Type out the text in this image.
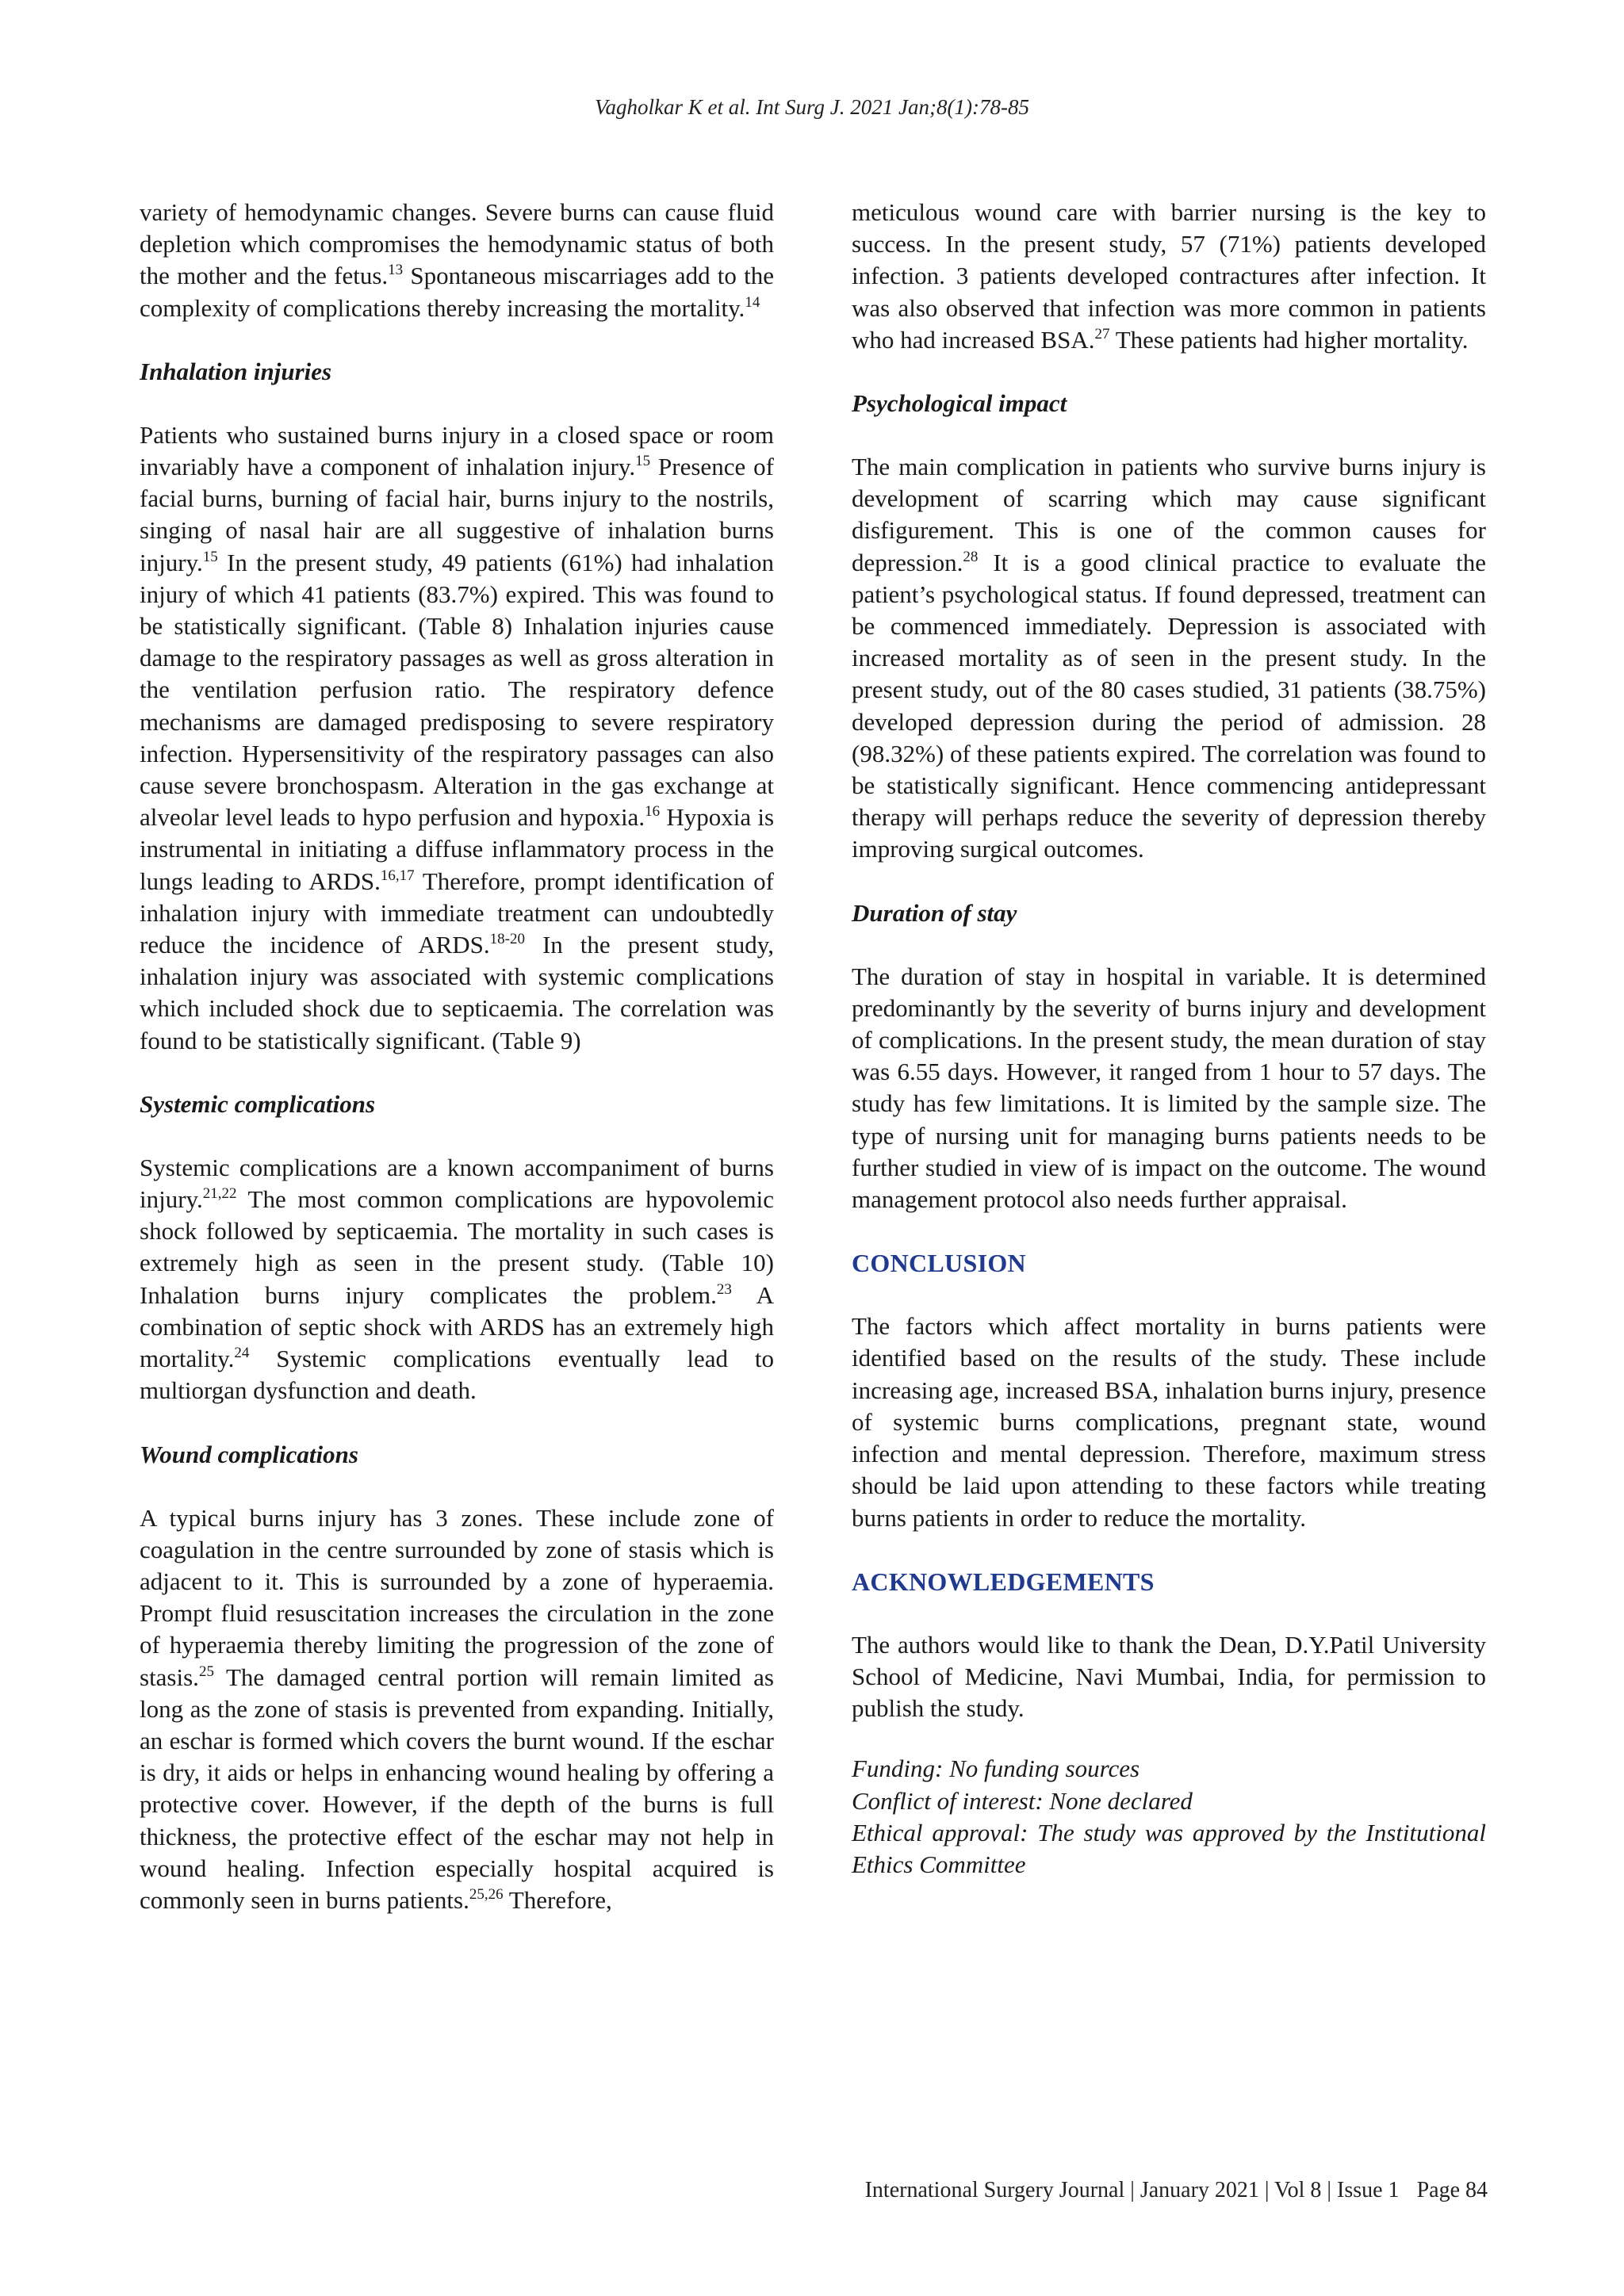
Vagholkar K et al. Int Surg J. 2021 Jan;8(1):78-85

variety of hemodynamic changes. Severe burns can cause fluid depletion which compromises the hemodynamic status of both the mother and the fetus.$^{13}$ Spontaneous miscarriages add to the complexity of complications thereby increasing the mortality.$^{14}$

Inhalation injuries

Patients who sustained burns injury in a closed space or room invariably have a component of inhalation injury.$^{15}$ Presence of facial burns, burning of facial hair, burns injury to the nostrils, singing of nasal hair are all suggestive of inhalation burns injury.$^{15}$ In the present study, 49 patients (61%) had inhalation injury of which 41 patients (83.7%) expired. This was found to be statistically significant. (Table 8) Inhalation injuries cause damage to the respiratory passages as well as gross alteration in the ventilation perfusion ratio. The respiratory defence mechanisms are damaged predisposing to severe respiratory infection. Hypersensitivity of the respiratory passages can also cause severe bronchospasm. Alteration in the gas exchange at alveolar level leads to hypo perfusion and hypoxia.$^{16}$ Hypoxia is instrumental in initiating a diffuse inflammatory process in the lungs leading to ARDS.$^{16,17}$ Therefore, prompt identification of inhalation injury with immediate treatment can undoubtedly reduce the incidence of ARDS.$^{18-20}$ In the present study, inhalation injury was associated with systemic complications which included shock due to septicaemia. The correlation was found to be statistically significant. (Table 9)

Systemic complications

Systemic complications are a known accompaniment of burns injury.$^{21,22}$ The most common complications are hypovolemic shock followed by septicaemia. The mortality in such cases is extremely high as seen in the present study. (Table 10) Inhalation burns injury complicates the problem.$^{23}$ A combination of septic shock with ARDS has an extremely high mortality.$^{24}$ Systemic complications eventually lead to multiorgan dysfunction and death.

Wound complications

A typical burns injury has 3 zones. These include zone of coagulation in the centre surrounded by zone of stasis which is adjacent to it. This is surrounded by a zone of hyperaemia. Prompt fluid resuscitation increases the circulation in the zone of hyperaemia thereby limiting the progression of the zone of stasis.$^{25}$ The damaged central portion will remain limited as long as the zone of stasis is prevented from expanding. Initially, an eschar is formed which covers the burnt wound. If the eschar is dry, it aids or helps in enhancing wound healing by offering a protective cover. However, if the depth of the burns is full thickness, the protective effect of the eschar may not help in wound healing. Infection especially hospital acquired is commonly seen in burns patients.$^{25,26}$ Therefore,

meticulous wound care with barrier nursing is the key to success. In the present study, 57 (71%) patients developed infection. 3 patients developed contractures after infection. It was also observed that infection was more common in patients who had increased BSA.$^{27}$ These patients had higher mortality.

Psychological impact

The main complication in patients who survive burns injury is development of scarring which may cause significant disfigurement. This is one of the common causes for depression.$^{28}$ It is a good clinical practice to evaluate the patient’s psychological status. If found depressed, treatment can be commenced immediately. Depression is associated with increased mortality as of seen in the present study. In the present study, out of the 80 cases studied, 31 patients (38.75%) developed depression during the period of admission. 28 (98.32%) of these patients expired. The correlation was found to be statistically significant. Hence commencing antidepressant therapy will perhaps reduce the severity of depression thereby improving surgical outcomes.

Duration of stay

The duration of stay in hospital in variable. It is determined predominantly by the severity of burns injury and development of complications. In the present study, the mean duration of stay was 6.55 days. However, it ranged from 1 hour to 57 days. The study has few limitations. It is limited by the sample size. The type of nursing unit for managing burns patients needs to be further studied in view of is impact on the outcome. The wound management protocol also needs further appraisal.

CONCLUSION

The factors which affect mortality in burns patients were identified based on the results of the study. These include increasing age, increased BSA, inhalation burns injury, presence of systemic burns complications, pregnant state, wound infection and mental depression. Therefore, maximum stress should be laid upon attending to these factors while treating burns patients in order to reduce the mortality.

ACKNOWLEDGEMENTS

The authors would like to thank the Dean, D.Y.Patil University School of Medicine, Navi Mumbai, India, for permission to publish the study.

Funding: No funding sources

Conflict of interest: None declared

Ethical approval: The study was approved by the Institutional Ethics Committee

International Surgery Journal | January 2021 | Vol 8 | Issue 1 Page 84
